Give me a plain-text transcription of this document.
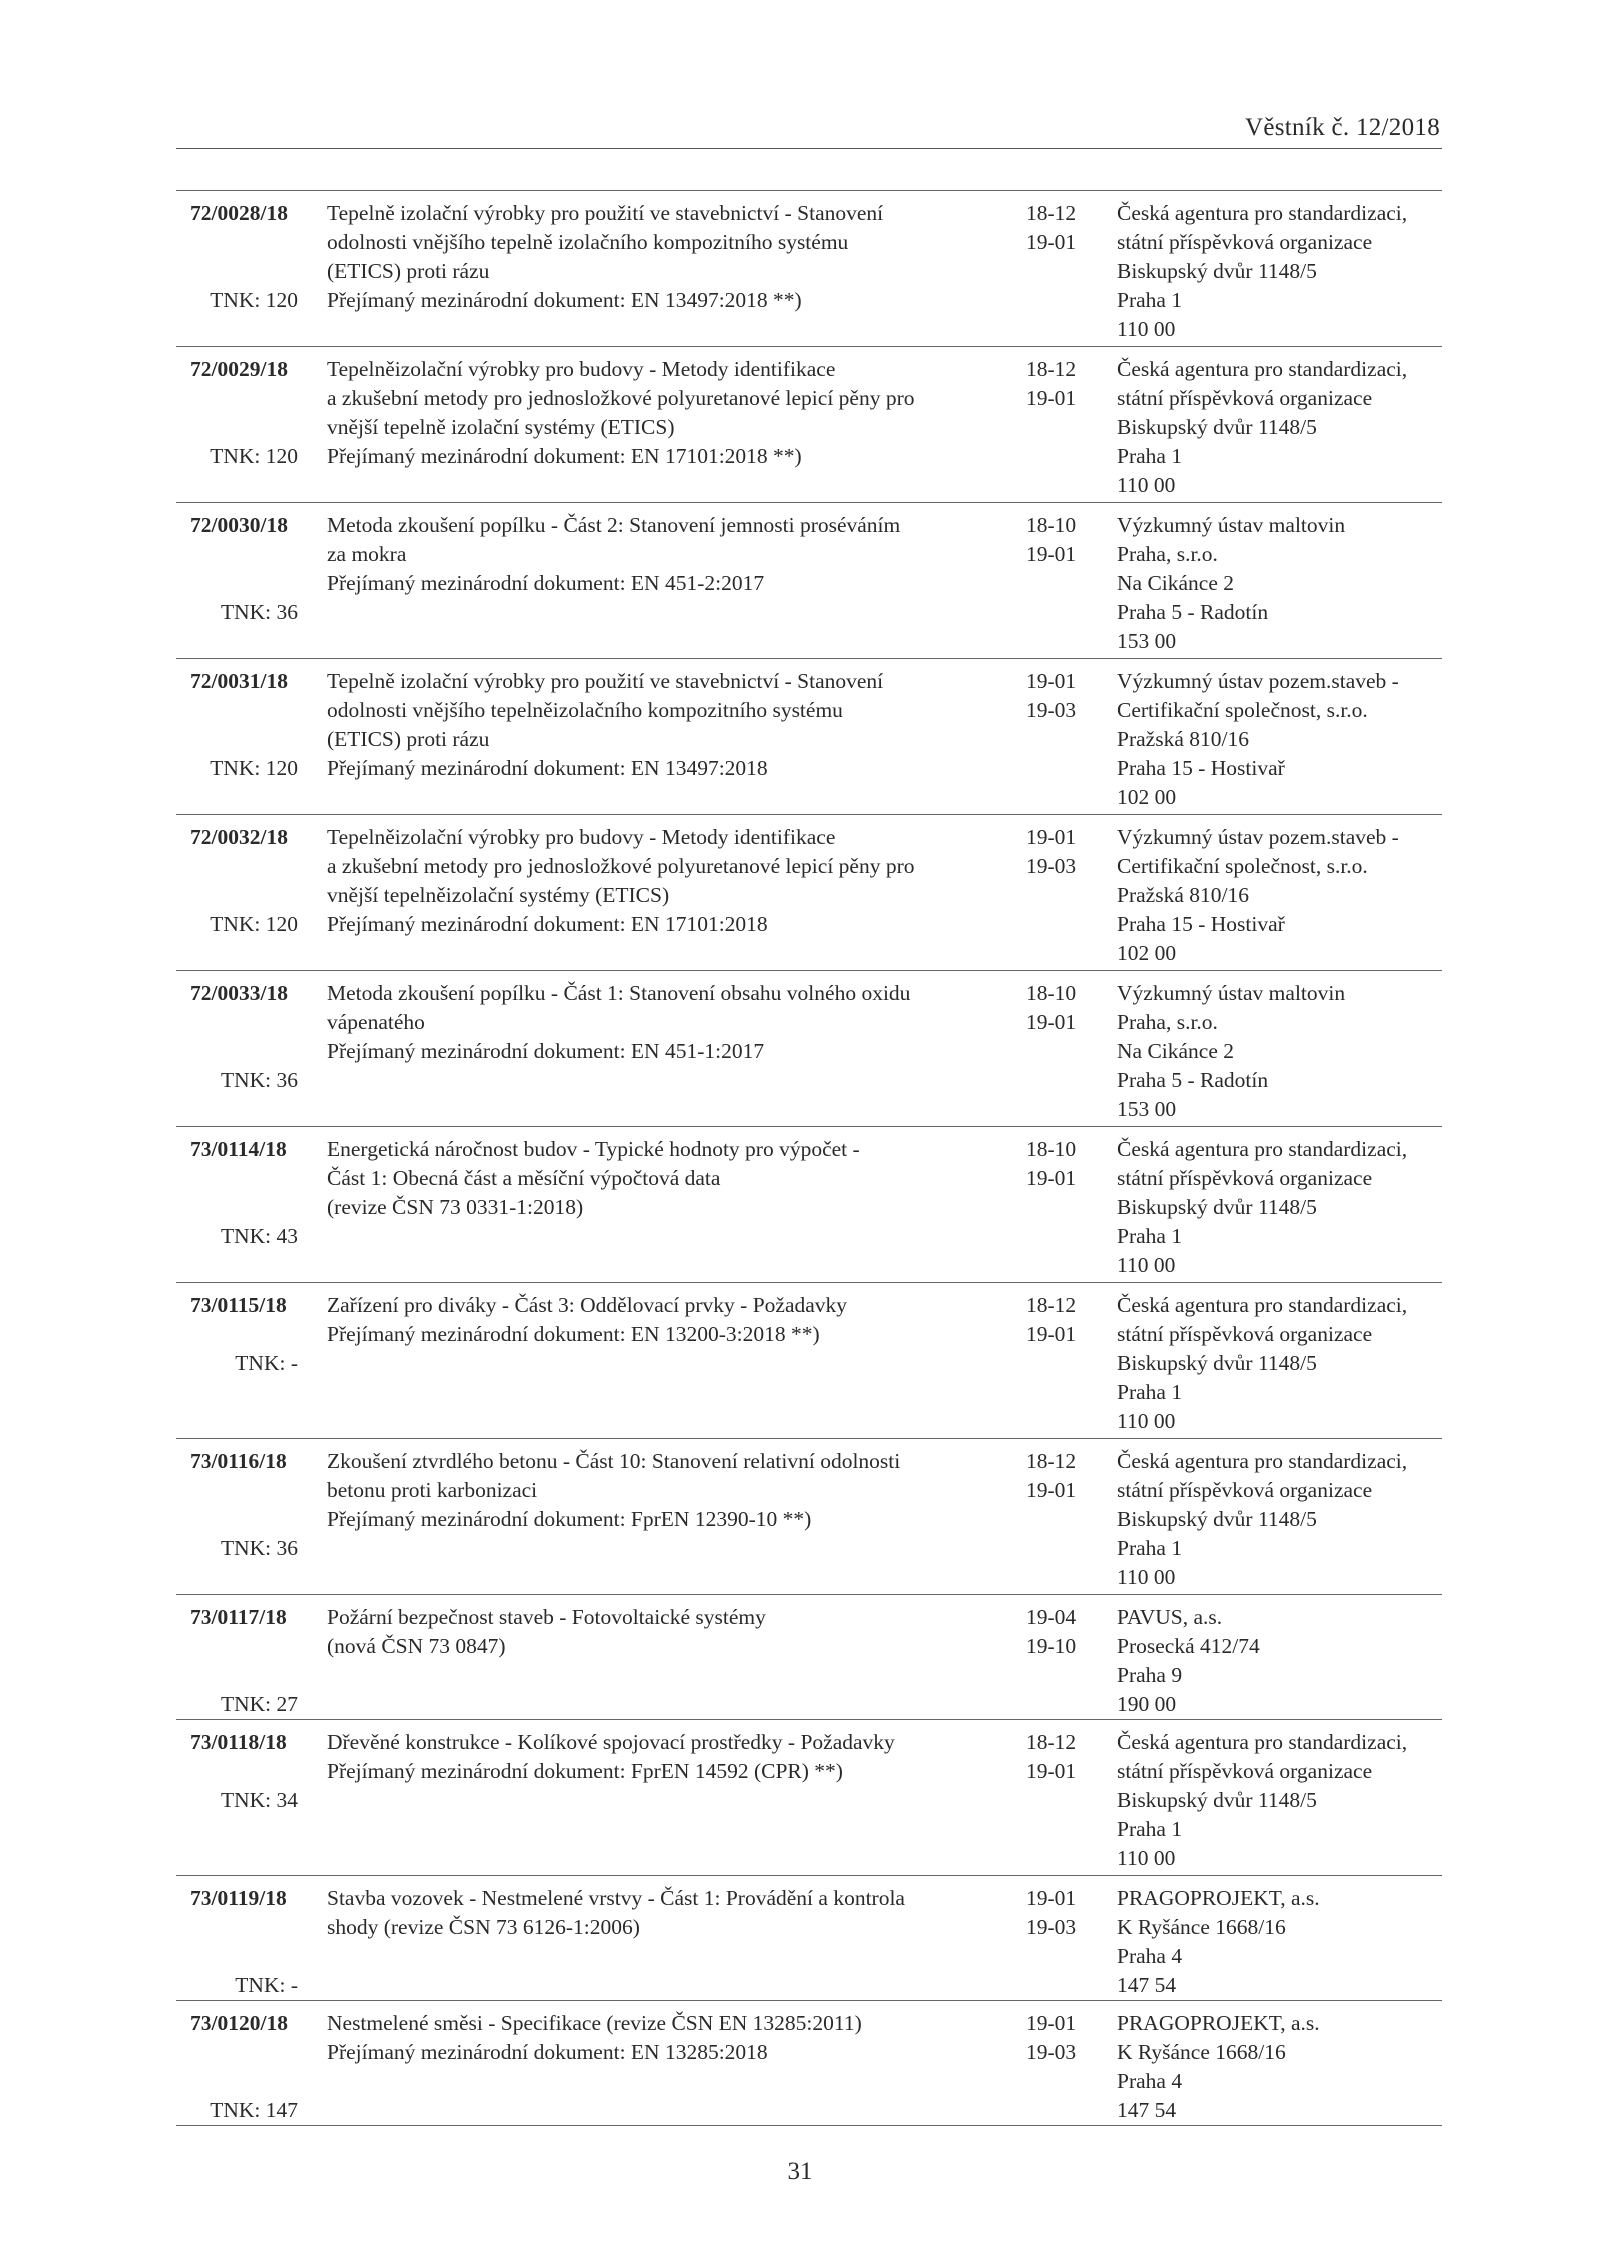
Věstník č. 12/2018
72/0028/18
TNK: 120
Tepelně izolační výrobky pro použití ve stavebnictví - Stanovení
odolnosti vnějšího tepelně izolačního kompozitního systému
(ETICS) proti rázu
Přejímaný mezinárodní dokument: EN 13497:2018 **)
18-12
19-01
Česká agentura pro standardizaci,
státní příspěvková organizace
Biskupský dvůr 1148/5
Praha 1
110 00
72/0029/18
TNK: 120
Tepelněizolační výrobky pro budovy - Metody identifikace
a zkušební metody pro jednosložkové polyuretanové lepicí pěny pro
vnější tepelně izolační systémy (ETICS)
Přejímaný mezinárodní dokument: EN 17101:2018 **)
18-12
19-01
Česká agentura pro standardizaci,
státní příspěvková organizace
Biskupský dvůr 1148/5
Praha 1
110 00
72/0030/18
TNK: 36
Metoda zkoušení popílku - Část 2: Stanovení jemnosti proséváním
za mokra
Přejímaný mezinárodní dokument: EN 451-2:2017
18-10
19-01
Výzkumný ústav maltovin
Praha, s.r.o.
Na Cikánce 2
Praha 5 - Radotín
153 00
72/0031/18
TNK: 120
Tepelně izolační výrobky pro použití ve stavebnictví - Stanovení
odolnosti vnějšího tepelněizolačního kompozitního systému
(ETICS) proti rázu
Přejímaný mezinárodní dokument: EN 13497:2018
19-01
19-03
Výzkumný ústav pozem.staveb -
Certifikační společnost, s.r.o.
Pražská 810/16
Praha 15 - Hostivař
102 00
72/0032/18
TNK: 120
Tepelněizolační výrobky pro budovy - Metody identifikace
a zkušební metody pro jednosložkové polyuretanové lepicí pěny pro
vnější tepelněizolační systémy (ETICS)
Přejímaný mezinárodní dokument: EN 17101:2018
19-01
19-03
Výzkumný ústav pozem.staveb -
Certifikační společnost, s.r.o.
Pražská 810/16
Praha 15 - Hostivař
102 00
72/0033/18
TNK: 36
Metoda zkoušení popílku - Část 1: Stanovení obsahu volného oxidu
vápenatého
Přejímaný mezinárodní dokument: EN 451-1:2017
18-10
19-01
Výzkumný ústav maltovin
Praha, s.r.o.
Na Cikánce 2
Praha 5 - Radotín
153 00
73/0114/18
TNK: 43
Energetická náročnost budov - Typické hodnoty pro výpočet -
Část 1: Obecná část a měsíční výpočtová data
(revize ČSN 73 0331-1:2018)
18-10
19-01
Česká agentura pro standardizaci,
státní příspěvková organizace
Biskupský dvůr 1148/5
Praha 1
110 00
73/0115/18
TNK: -
Zařízení pro diváky - Část 3: Oddělovací prvky - Požadavky
Přejímaný mezinárodní dokument: EN 13200-3:2018 **)
18-12
19-01
Česká agentura pro standardizaci,
státní příspěvková organizace
Biskupský dvůr 1148/5
Praha 1
110 00
73/0116/18
TNK: 36
Zkoušení ztvrdlého betonu - Část 10: Stanovení relativní odolnosti
betonu proti karbonizaci
Přejímaný mezinárodní dokument: FprEN 12390-10 **)
18-12
19-01
Česká agentura pro standardizaci,
státní příspěvková organizace
Biskupský dvůr 1148/5
Praha 1
110 00
73/0117/18
TNK: 27
Požární bezpečnost staveb - Fotovoltaické systémy
(nová ČSN 73 0847)
19-04
19-10
PAVUS, a.s.
Prosecká 412/74
Praha 9
190 00
73/0118/18
TNK: 34
Dřevěné konstrukce - Kolíkové spojovací prostředky - Požadavky
Přejímaný mezinárodní dokument: FprEN 14592 (CPR) **)
18-12
19-01
Česká agentura pro standardizaci,
státní příspěvková organizace
Biskupský dvůr 1148/5
Praha 1
110 00
73/0119/18
TNK: -
Stavba vozovek - Nestmelené vrstvy - Část 1: Provádění a kontrola
shody (revize ČSN 73 6126-1:2006)
19-01
19-03
PRAGOPROJEKT, a.s.
K Ryšánce 1668/16
Praha 4
147 54
73/0120/18
TNK: 147
Nestmelené směsi - Specifikace (revize ČSN EN 13285:2011)
Přejímaný mezinárodní dokument: EN 13285:2018
19-01
19-03
PRAGOPROJEKT, a.s.
K Ryšánce 1668/16
Praha 4
147 54
31
